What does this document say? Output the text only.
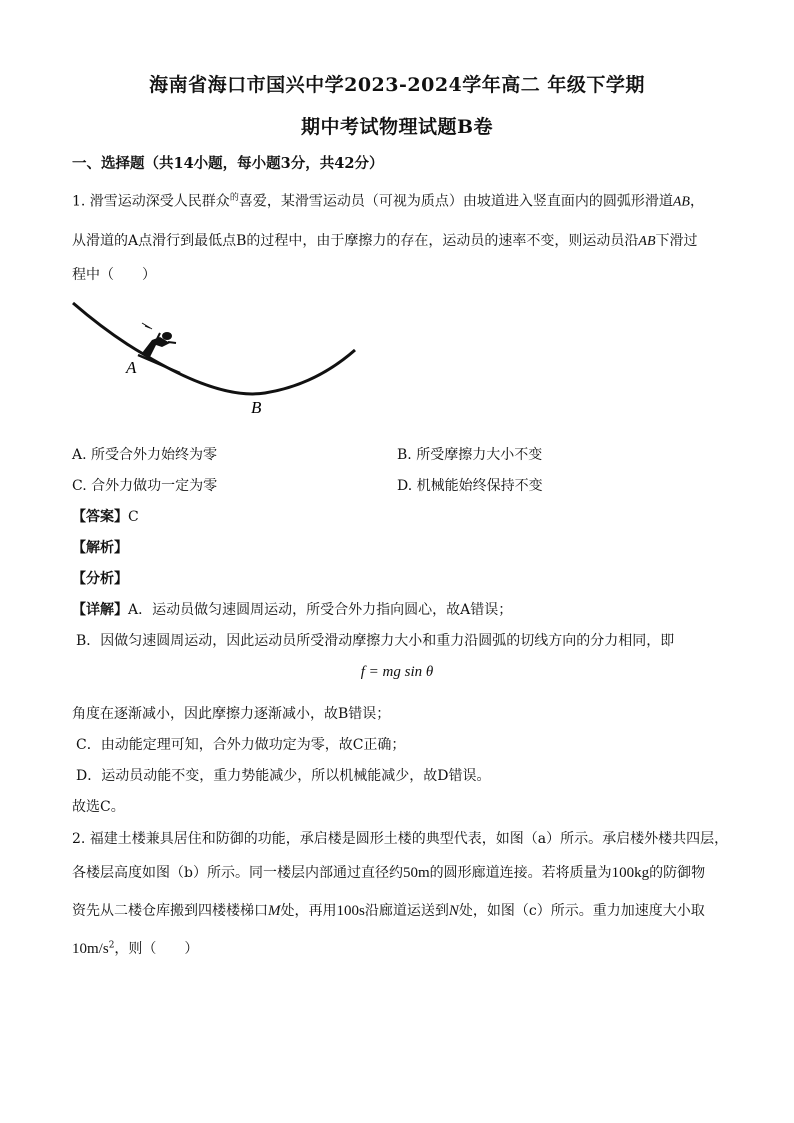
海南省海口市国兴中学2023-2024学年高二 年级下学期
期中考试物理试题B卷
一、选择题（共14小题，每小题3分，共42分）
1. 滑雪运动深受人民群众$^的$喜爱，某滑雪运动员（可视为质点）由坡道进入竖直面内的圆弧形滑道AB，
从滑道的A点滑行到最低点B的过程中，由于摩擦力的存在，运动员的速率不变，则运动员沿AB下滑过
程中（　　）
A
B
A. 所受合外力始终为零	B. 所受摩擦力大小不变
C. 合外力做功一定为零	D. 机械能始终保持不变
【答案】C
【解析】
【分析】
【详解】A．运动员做匀速圆周运动，所受合外力指向圆心，故A错误；
B．因做匀速圆周运动，因此运动员所受滑动摩擦力大小和重力沿圆弧的切线方向的分力相同，即
f = mg sin θ
角度在逐渐减小，因此摩擦力逐渐减小，故B错误；
C．由动能定理可知，合外力做功定为零，故C正确；
D．运动员动能不变，重力势能减少，所以机械能减少，故D错误。
故选C。
2. 福建土楼兼具居住和防御的功能，承启楼是圆形土楼的典型代表，如图（a）所示。承启楼外楼共四层，
各楼层高度如图（b）所示。同一楼层内部通过直径约50m的圆形廊道连接。若将质量为100kg的防御物
资先从二楼仓库搬到四楼楼梯口M处，再用100s沿廊道运送到N处，如图（c）所示。重力加速度大小取
$10m/s^2$，则（　　）
